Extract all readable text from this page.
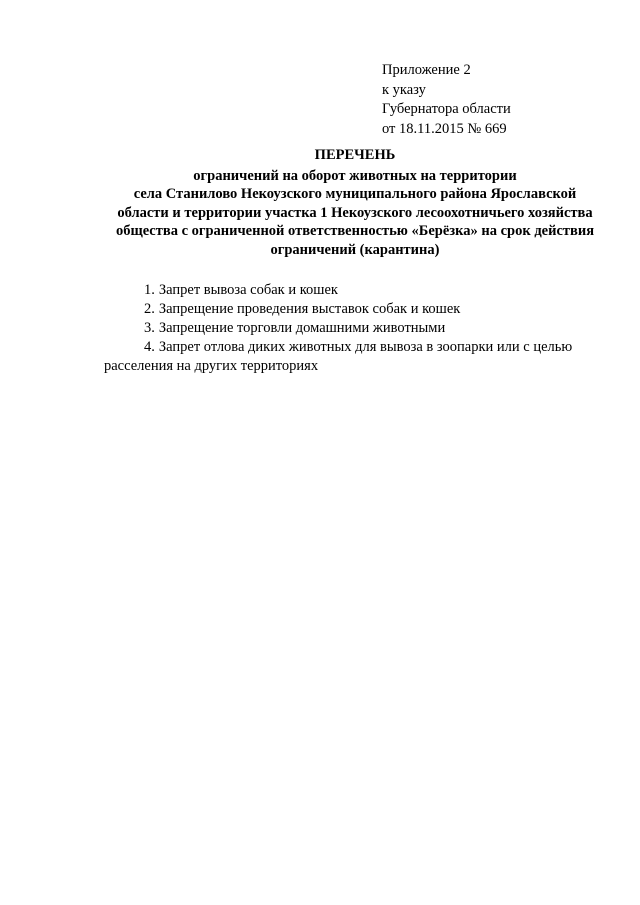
Приложение 2
к указу
Губернатора области
от 18.11.2015 № 669
ПЕРЕЧЕНЬ
ограничений на оборот животных на территории
села Станилово Некоузского муниципального района Ярославской
области и территории участка 1 Некоузского лесоохотничьего хозяйства
общества с ограниченной ответственностью «Берёзка» на срок действия
ограничений (карантина)
1. Запрет вывоза собак и кошек
2. Запрещение проведения выставок собак и кошек
3. Запрещение торговли домашними животными
4. Запрет отлова диких животных для вывоза в зоопарки или с целью расселения на других территориях
